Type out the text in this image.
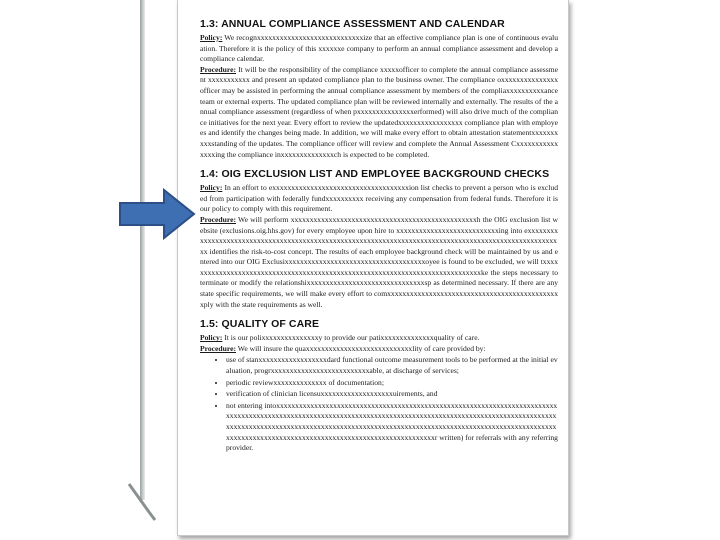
1.3: ANNUAL COMPLIANCE ASSESSMENT AND CALENDAR

Policy: We recognxxxxxxxxxxxxxxxxxxxxxxxxxxxxize that an effective compliance plan is one of continuous evaluation. Therefore it is the policy of this xxxxxxe company to perform an annual compliance assessment and develop a compliance calendar.

Procedure: It will be the responsibility of the compliance xxxxxofficer to complete the annual compliance assessment xxxxxxxxxxx and present an updated compliance plan to the business owner. The compliance oxxxxxxxxxxxxxxxofficer may be assisted in performing the annual compliance assessment by members of the compliaxxxxxxxxxxance team or external experts. The updated compliance plan will be reviewed internally and externally. The results of the annual compliance assessment (regardless of when pxxxxxxxxxxxxxxxerformed) will also drive much of the compliance initiatives for the next year. Every effort to review the updatedxxxxxxxxxxxxxxxxx compliance plan with employees and identify the changes being made. In addition, we will make every effort to obtain attestation statementxxxxxxxxxxstanding of the updates. The compliance officer will review and complete the Annual Assessment Cxxxxxxxxxxxxxxxing the compliance inxxxxxxxxxxxxxxch is expected to be completed.

1.4: OIG EXCLUSION LIST AND EMPLOYEE BACKGROUND CHECKS

Policy: In an effort to exxxxxxxxxxxxxxxxxxxxxxxxxxxxxxxxxxxxion list checks to prevent a person who is excluded from participation with federally fundxxxxxxxxxx receiving any compensation from federal funds. Therefore it is our policy to comply with this requirement.

Procedure: We will perform xxxxxxxxxxxxxxxxxxxxxxxxxxxxxxxxxxxxxxxxxxxxxxxxxh the OIG exclusion list website (exclusions.oig.hhs.gov) for every employee upon hire to xxxxxxxxxxxxxxxxxxxxxxxxxxxing into exxxxxxxxxxxxxxxxxxxxxxxxxxxxxxxxxxxxxxxxxxxxxxxxxxxxxxxxxxxxxxxxxxxxxxxxxxxxxxxxxxxxxxxxxxxxxxxxxxxxxxxx identifies the risk-to-cost concept. The results of each employee background check will be maintained by us and entered into our OIG Exclusixxxxxxxxxxxxxxxxxxxxxxxxxxxxxxxxxxxxxoyee is found to be excluded, we will txxxxxxxxxxxxxxxxxxxxxxxxxxxxxxxxxxxxxxxxxxxxxxxxxxxxxxxxxxxxxxxxxxxxxxxxxxxxxxke the steps necessary to terminate or modify the relationshixxxxxxxxxxxxxxxxxxxxxxxxxxxxxxxsp as determined necessary. If there are any state specific requirements, we will make every effort to comxxxxxxxxxxxxxxxxxxxxxxxxxxxxxxxxxxxxxxxxxxxxxxply with the state requirements as well.

1.5: QUALITY OF CARE

Policy: It is our polixxxxxxxxxxxxxxxy to provide our patixxxxxxxxxxxxxxquality of care.

Procedure: We will insure the quaxxxxxxxxxxxxxxxxxxxxxxxxxxxxlity of care provided by:

• use of stanxxxxxxxxxxxxxxxxxxdard functional outcome measurement tools to be performed at the initial evaluation, progrxxxxxxxxxxxxxxxxxxxxxxxxxxable, at discharge of services;
• periodic reviewxxxxxxxxxxxxxx of documentation;
• verification of clinician licensuxxxxxxxxxxxxxxxxxxxuirements, and
• not entering intoxxxxxxxxxxxxxxxxxxxxxxxxxxxxxxxxxxxxxxxxxxxxxxxxxxxxxxxxxxxxxxxxxxxxxxxxxxxxxxxxxxxxxxxxxxxxxxxxxxxxxxxxxxxxxxxxxxxxxxxxxxxxxxxxxxxxxxxxxxxxxxxxxxxxxxxxxxxxxxxxxxxxxxxxxxxxxxxxxxxxxxxxxxxxxxxxxxxxxxxxxxxxxxxxxxxxxxxxxxxxxxxxxxxxxxxxxxxxxxxxxxxxxxxxxxxxxxxxxxxxxxxxxxxxxxxxxxxxxxxxxxxxxxxxxxxxxxxxxxxxxxxr written) for referrals with any referring provider.
